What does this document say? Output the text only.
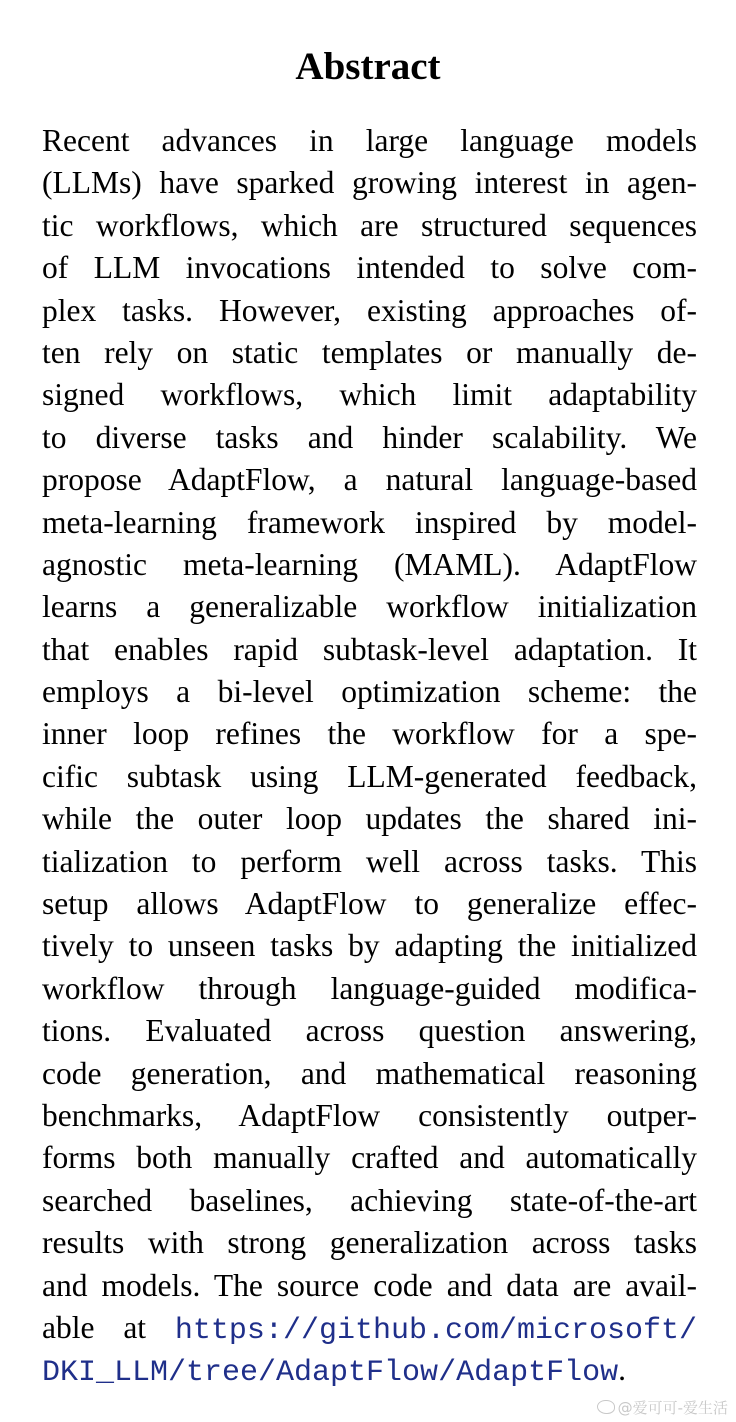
Abstract
Recent advances in large language models
(LLMs) have sparked growing interest in agen-
tic workflows, which are structured sequences
of LLM invocations intended to solve com-
plex tasks. However, existing approaches of-
ten rely on static templates or manually de-
signed workflows, which limit adaptability
to diverse tasks and hinder scalability. We
propose AdaptFlow, a natural language-based
meta-learning framework inspired by model-
agnostic meta-learning (MAML). AdaptFlow
learns a generalizable workflow initialization
that enables rapid subtask-level adaptation. It
employs a bi-level optimization scheme: the
inner loop refines the workflow for a spe-
cific subtask using LLM-generated feedback,
while the outer loop updates the shared ini-
tialization to perform well across tasks. This
setup allows AdaptFlow to generalize effec-
tively to unseen tasks by adapting the initialized
workflow through language-guided modifica-
tions. Evaluated across question answering,
code generation, and mathematical reasoning
benchmarks, AdaptFlow consistently outper-
forms both manually crafted and automatically
searched baselines, achieving state-of-the-art
results with strong generalization across tasks
and models. The source code and data are avail-
able at https://github.com/microsoft/
DKI_LLM/tree/AdaptFlow/AdaptFlow.
@爱可可-爱生活
